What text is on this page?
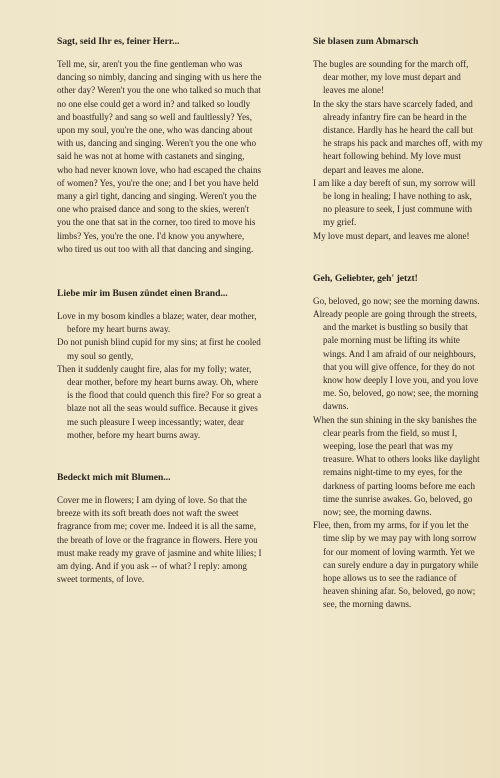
Sagt, seid Ihr es, feiner Herr...

Tell me, sir, aren't you the fine gentleman who was dancing so nimbly, dancing and singing with us here the other day? Weren't you the one who talked so much that no one else could get a word in? and talked so loudly and boastfully? and sang so well and faultlessly? Yes, upon my soul, you're the one, who was dancing about with us, dancing and singing. Weren't you the one who said he was not at home with castanets and singing, who had never known love, who had escaped the chains of women? Yes, you're the one; and I bet you have held many a girl tight, dancing and singing. Weren't you the one who praised dance and song to the skies, weren't you the one that sat in the corner, too tired to move his limbs? Yes, you're the one. I'd know you anywhere, who tired us out too with all that dancing and singing.

Liebe mir im Busen zündet einen Brand...

Love in my bosom kindles a blaze; water, dear mother, before my heart burns away.

Do not punish blind cupid for my sins; at first he cooled my soul so gently,

Then it suddenly caught fire, alas for my folly; water, dear mother, before my heart burns away. Oh, where is the flood that could quench this fire? For so great a blaze not all the seas would suffice. Because it gives me such pleasure I weep incessantly; water, dear mother, before my heart burns away.

Bedeckt mich mit Blumen...

Cover me in flowers; I am dying of love. So that the breeze with its soft breath does not waft the sweet fragrance from me; cover me. Indeed it is all the same, the breath of love or the fragrance in flowers. Here you must make ready my grave of jasmine and white lilies; I am dying. And if you ask -- of what? I reply: among sweet torments, of love.

Sie blasen zum Abmarsch

The bugles are sounding for the march off, dear mother, my love must depart and leaves me alone!

In the sky the stars have scarcely faded, and already infantry fire can be heard in the distance. Hardly has he heard the call but he straps his pack and marches off, with my heart following behind. My love must depart and leaves me alone.

I am like a day bereft of sun, my sorrow will be long in healing; I have nothing to ask, no pleasure to seek, I just commune with my grief.

My love must depart, and leaves me alone!

Geh, Geliebter, geh' jetzt!

Go, beloved, go now; see the morning dawns.

Already people are going through the streets, and the market is bustling so busily that pale morning must be lifting its white wings. And I am afraid of our neighbours, that you will give offence, for they do not know how deeply I love you, and you love me. So, beloved, go now; see, the morning dawns.

When the sun shining in the sky banishes the clear pearls from the field, so must I, weeping, lose the pearl that was my treasure. What to others looks like daylight remains night-time to my eyes, for the darkness of parting looms before me each time the sunrise awakes. Go, beloved, go now; see, the morning dawns.

Flee, then, from my arms, for if you let the time slip by we may pay with long sorrow for our moment of loving warmth. Yet we can surely endure a day in purgatory while hope allows us to see the radiance of heaven shining afar. So, beloved, go now; see, the morning dawns.
